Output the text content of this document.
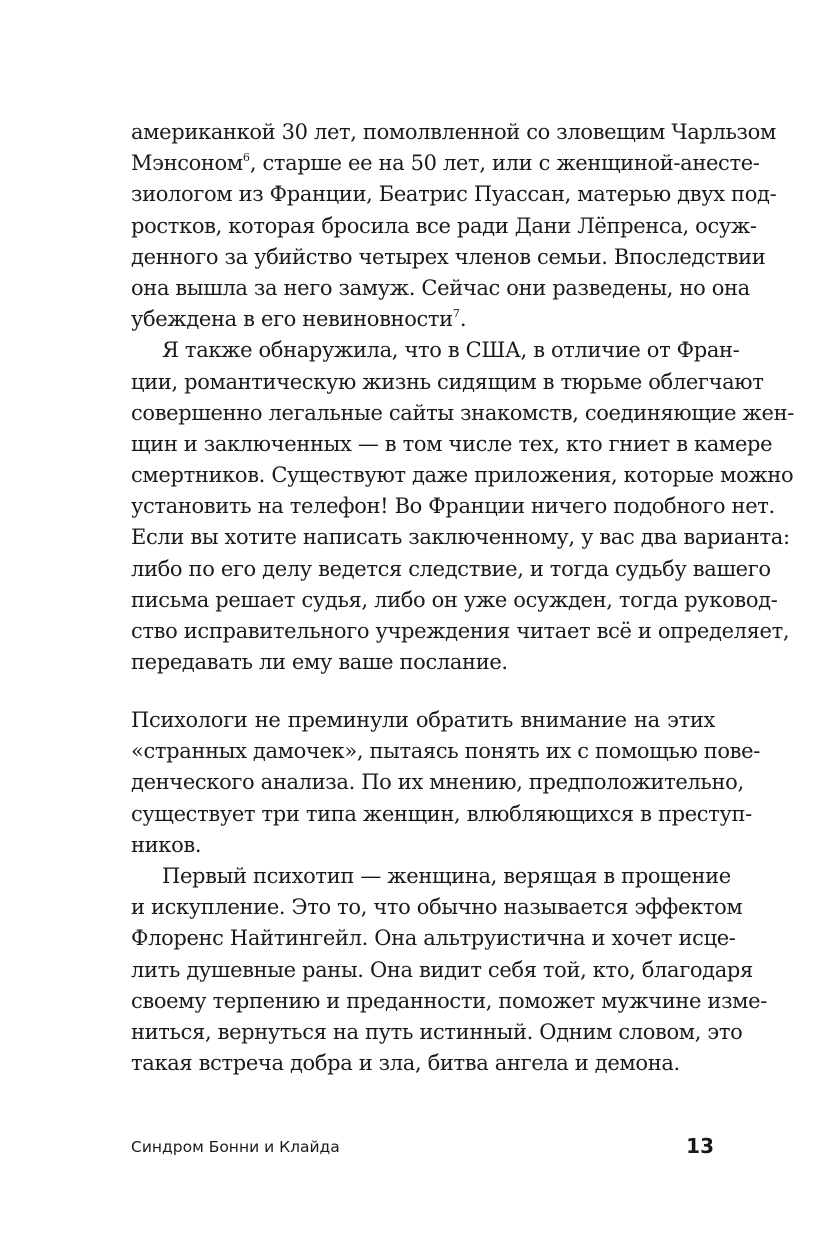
американкой 30 лет, помолвленной со зловещим Чарльзом
Мэнсоном$^6$, старше ее на 50 лет, или с женщиной-анесте-
зиологом из Франции, Беатрис Пуассан, матерью двух под-
ростков, которая бросила все ради Дани Лёпренса, осуж-
денного за убийство четырех членов семьи. Впоследствии
она вышла за него замуж. Сейчас они разведены, но она
убеждена в его невиновности$^7$.
Я также обнаружила, что в США, в отличие от Фран-
ции, романтическую жизнь сидящим в тюрьме облегчают
совершенно легальные сайты знакомств, соединяющие жен-
щин и заключенных — в том числе тех, кто гниет в камере
смертников. Существуют даже приложения, которые можно
установить на телефон! Во Франции ничего подобного нет.
Если вы хотите написать заключенному, у вас два варианта:
либо по его делу ведется следствие, и тогда судьбу вашего
письма решает судья, либо он уже осужден, тогда руковод-
ство исправительного учреждения читает всё и определяет,
передавать ли ему ваше послание.
Психологи не преминули обратить внимание на этих
«странных дамочек», пытаясь понять их с помощью пове-
денческого анализа. По их мнению, предположительно,
существует три типа женщин, влюбляющихся в преступ-
ников.
Первый психотип — женщина, верящая в прощение
и искупление. Это то, что обычно называется эффектом
Флоренс Найтингейл. Она альтруистична и хочет исце-
лить душевные раны. Она видит себя той, кто, благодаря
своему терпению и преданности, поможет мужчине изме-
ниться, вернуться на путь истинный. Одним словом, это
такая встреча добра и зла, битва ангела и демона.
Синдром Бонни и Клайда	13
